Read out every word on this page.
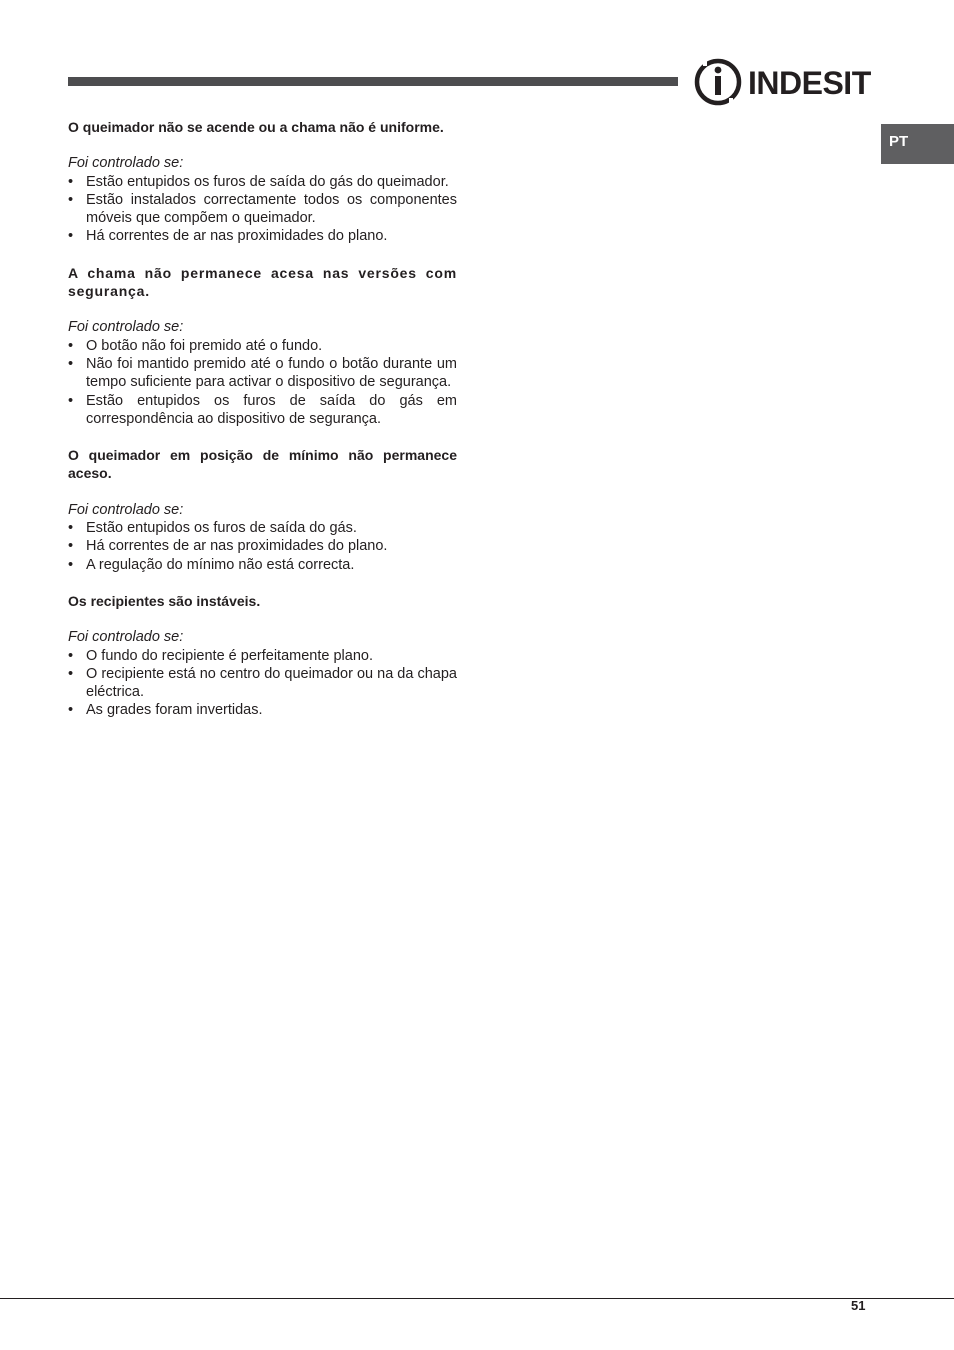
INDESIT
PT

O queimador não se acende ou a chama não é uniforme.

Foi controlado se:

• Estão entupidos os furos de saída do gás do queimador.
• Estão instalados correctamente todos os componentes móveis que compõem o queimador.
• Há correntes de ar nas proximidades do plano.

A chama não permanece acesa nas versões com segurança.

Foi controlado se:

• O botão não foi premido até o fundo.
• Não foi mantido premido até o fundo o botão durante um tempo suficiente para activar o dispositivo de segurança.
• Estão entupidos os furos de saída do gás em correspondência ao dispositivo de segurança.

O queimador em posição de mínimo não permanece aceso.

Foi controlado se:

• Estão entupidos os furos de saída do gás.
• Há correntes de ar nas proximidades do plano.
• A regulação do mínimo não está correcta.

Os recipientes são instáveis.

Foi controlado se:

• O fundo do recipiente é perfeitamente plano.
• O recipiente está no centro do queimador ou na da chapa eléctrica.
• As grades foram invertidas.
51
